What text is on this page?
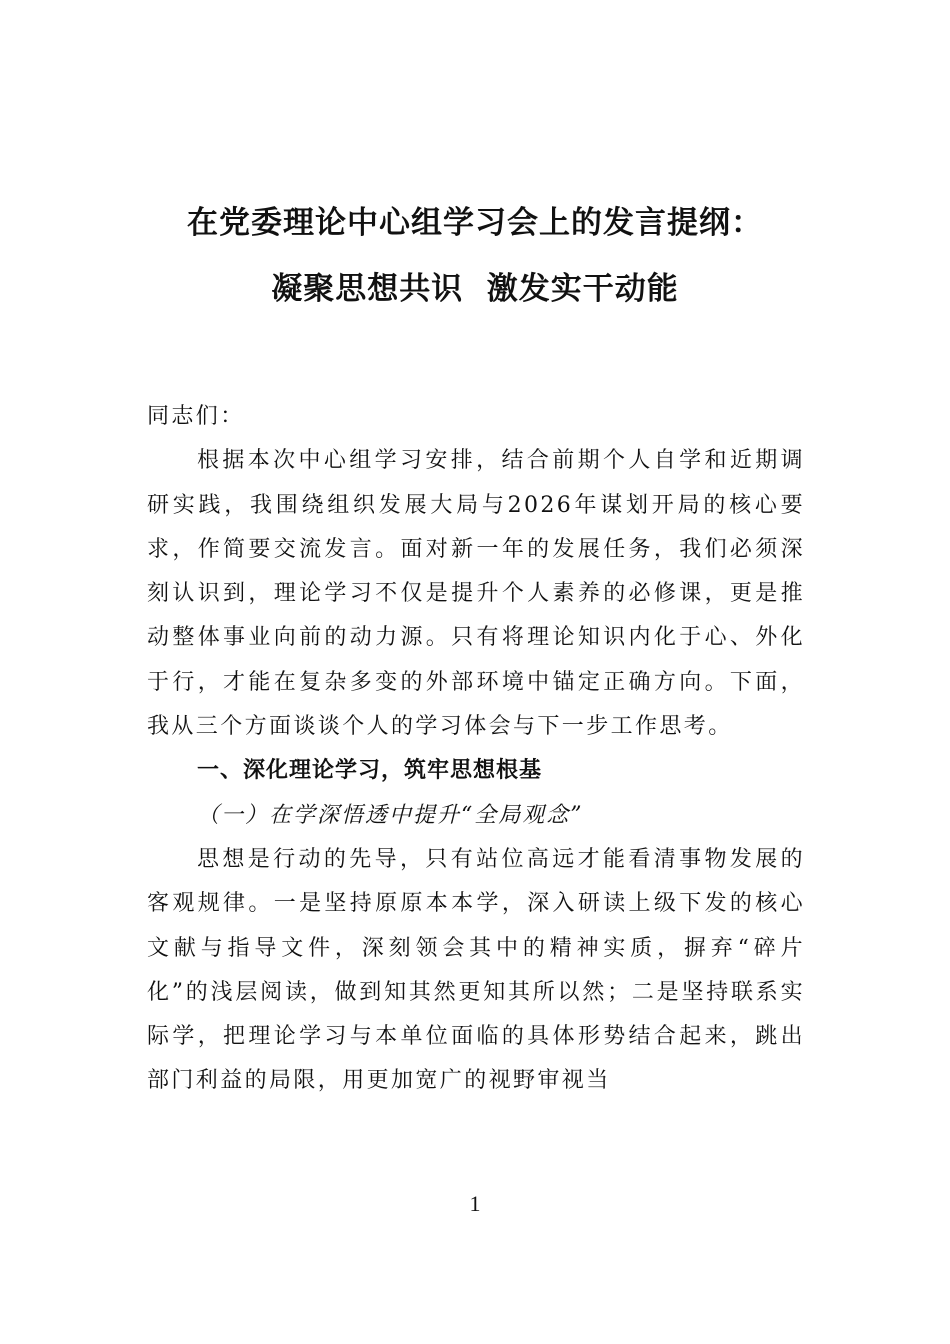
在党委理论中心组学习会上的发言提纲：
凝聚思想共识  激发实干动能

同志们：

根据本次中心组学习安排，结合前期个人自学和近期调研实践，我围绕组织发展大局与2026年谋划开局的核心要求，作简要交流发言。面对新一年的发展任务，我们必须深刻认识到，理论学习不仅是提升个人素养的必修课，更是推动整体事业向前的动力源。只有将理论知识内化于心、外化于行，才能在复杂多变的外部环境中锚定正确方向。下面，我从三个方面谈谈个人的学习体会与下一步工作思考。

一、深化理论学习，筑牢思想根基

（一）在学深悟透中提升“全局观念”

思想是行动的先导，只有站位高远才能看清事物发展的客观规律。一是坚持原原本本学，深入研读上级下发的核心文献与指导文件，深刻领会其中的精神实质，摒弃“碎片化”的浅层阅读，做到知其然更知其所以然；二是坚持联系实际学，把理论学习与本单位面临的具体形势结合起来，跳出部门利益的局限，用更加宽广的视野审视当

1
